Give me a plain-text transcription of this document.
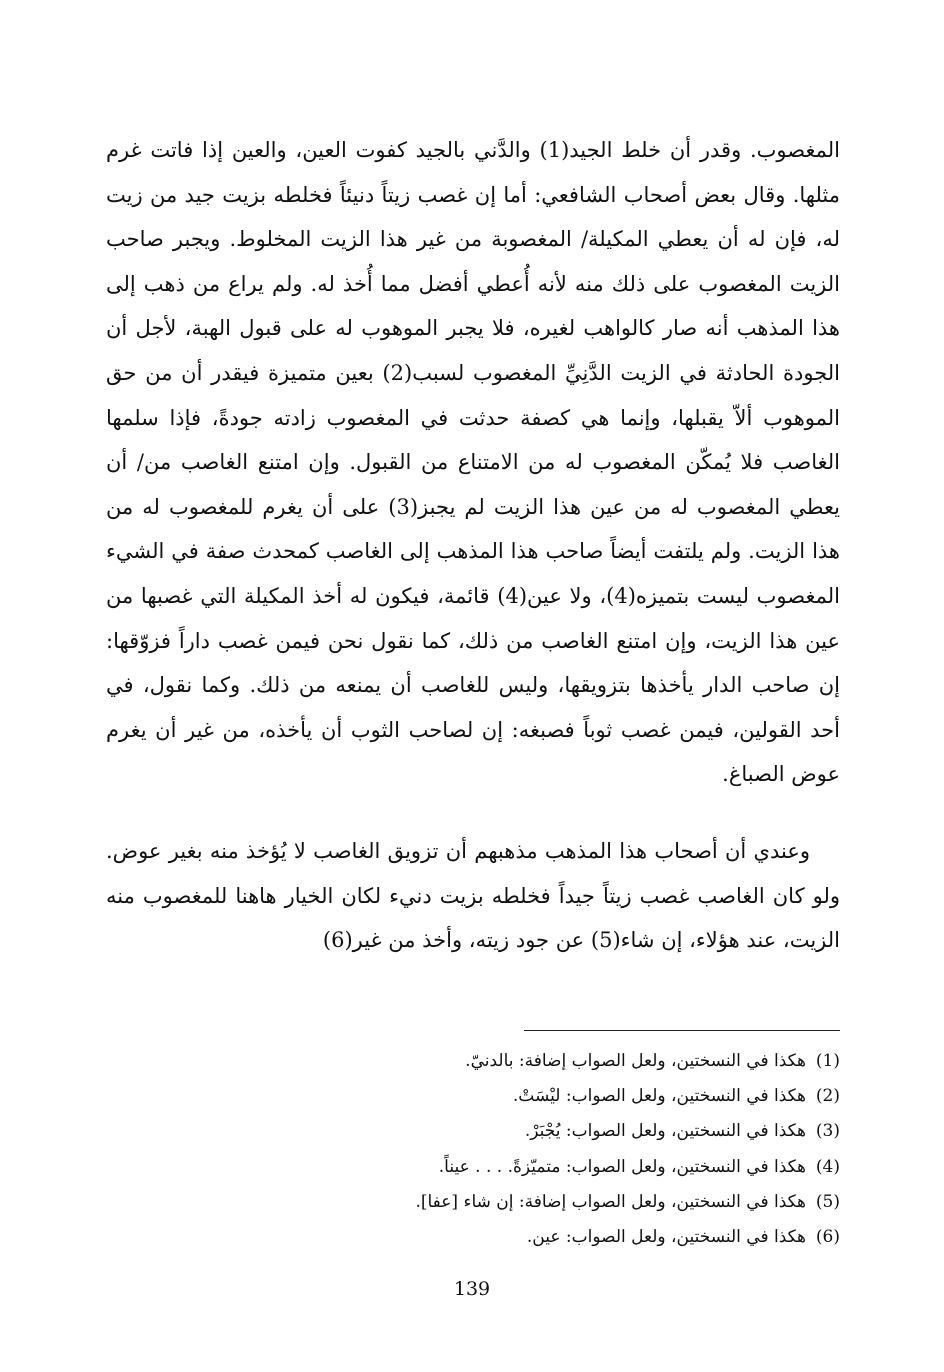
المغصوب. وقدر أن خلط الجيد(1) والدَّني بالجيد كفوت العين، والعين إذا فاتت غرم مثلها. وقال بعض أصحاب الشافعي: أما إن غصب زيتاً دنيئاً فخلطه بزيت جيد من زيت له، فإن له أن يعطي المكيلة/ المغصوبة من غير هذا الزيت المخلوط. ويجبر صاحب الزيت المغصوب على ذلك منه لأنه أُعطي أفضل مما أُخذ له. ولم يراع من ذهب إلى هذا المذهب أنه صار كالواهب لغيره، فلا يجبر الموهوب له على قبول الهبة، لأجل أن الجودة الحادثة في الزيت الدَّنِيِّ المغصوب لسبب(2) بعين متميزة فيقدر أن من حق الموهوب ألاّ يقبلها، وإنما هي كصفة حدثت في المغصوب زادته جودةً، فإذا سلمها الغاصب فلا يُمكّن المغصوب له من الامتناع من القبول. وإن امتنع الغاصب من/ أن يعطي المغصوب له من عين هذا الزيت لم يجبز(3) على أن يغرم للمغصوب له من هذا الزيت. ولم يلتفت أيضاً صاحب هذا المذهب إلى الغاصب كمحدث صفة في الشيء المغصوب ليست بتميزه(4)، ولا عين(4) قائمة، فيكون له أخذ المكيلة التي غصبها من عين هذا الزيت، وإن امتنع الغاصب من ذلك، كما نقول نحن فيمن غصب داراً فزوّقها: إن صاحب الدار يأخذها بتزويقها، وليس للغاصب أن يمنعه من ذلك. وكما نقول، في أحد القولين، فيمن غصب ثوباً فصبغه: إن لصاحب الثوب أن يأخذه، من غير أن يغرم عوض الصباغ.

وعندي أن أصحاب هذا المذهب مذهبهم أن تزويق الغاصب لا يُؤخذ منه بغير عوض. ولو كان الغاصب غصب زيتاً جيداً فخلطه بزيت دنيء لكان الخيار هاهنا للمغصوب منه الزيت، عند هؤلاء، إن شاء(5) عن جود زيته، وأخذ من غير(6)

(1)هكذا في النسختين، ولعل الصواب إضافة: بالدنيّ.
(2)هكذا في النسختين، ولعل الصواب: ليْسَتْ.
(3)هكذا في النسختين، ولعل الصواب: يُجْبَرْ.
(4)هكذا في النسختين، ولعل الصواب: متميّزةً. . . . عيناً.
(5)هكذا في النسختين، ولعل الصواب إضافة: إن شاء [عفا].
(6)هكذا في النسختين، ولعل الصواب: عين.
139
